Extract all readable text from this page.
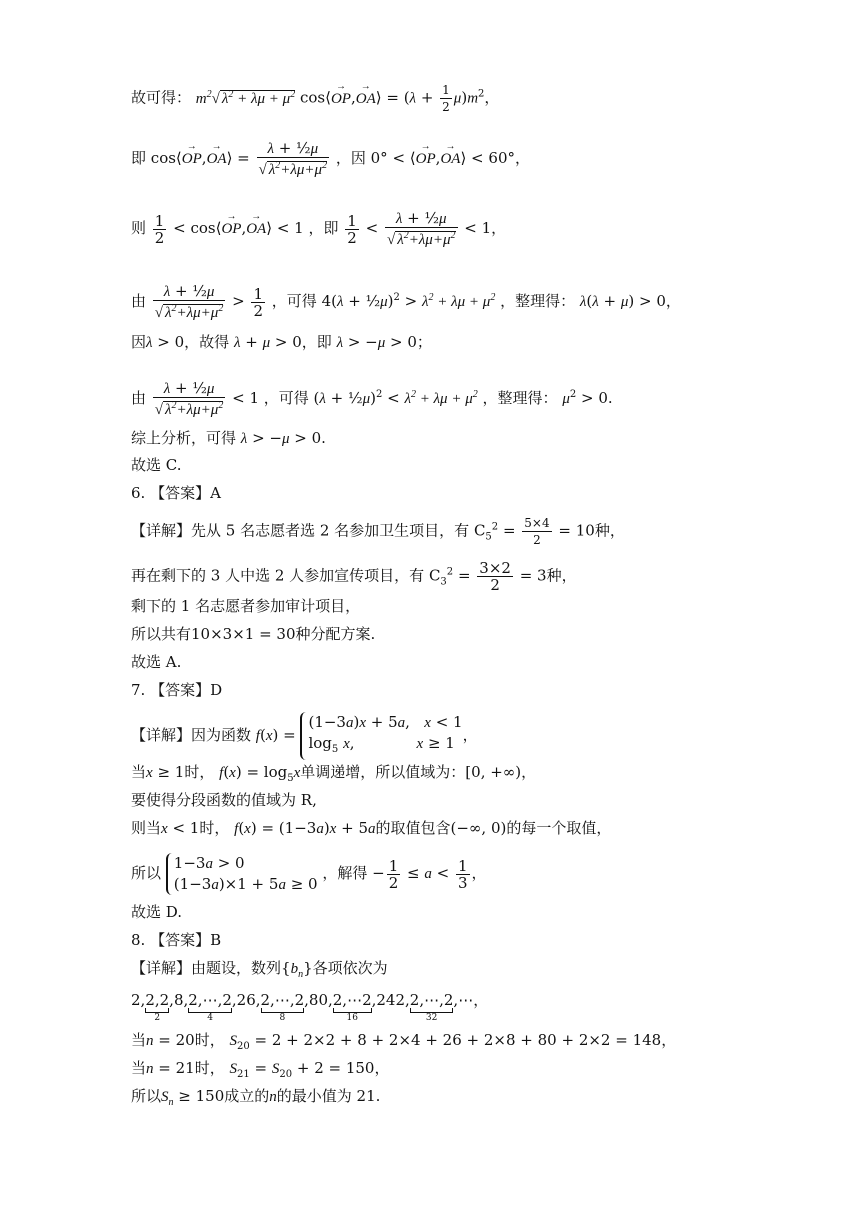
故可得： $m^2√$ $\lambda^2 + \lambda\mu + \mu^2$ cos⟨→ OP,→ OA⟩ = $(\lambda + \frac{1}{2} \mu)m^2$，
即 cos⟨→ OP,→ OA⟩ = $\frac{\text{λ + ½μ}}{√ \lambda^2+\lambda\mu+\mu^2}$ ，因 0° < ⟨→ OP,→ OA⟩ < 60°，
则 $\frac{1}{2}$ < cos⟨→ OP,→ OA⟩ < 1 ，即 $\frac{1}{2} < \frac{\text{λ + ½μ}}{√ \lambda^2+\lambda\mu+\mu^2} < 1$，
由 $\frac{\text{λ + ½μ}}{√ \lambda^2+\lambda\mu+\mu^2} > \frac{1}{2}$ ，可得 4(λ + ½μ)$^2$ > $\lambda^2 + \lambda\mu + \mu^2$ ，整理得： λ(λ + μ) > 0，
因λ > 0，故得 λ + μ > 0，即 λ > −μ > 0；
由 $\frac{\text{λ + ½μ}}{√ \lambda^2+\lambda\mu+\mu^2} < 1$ ，可得 (λ + ½μ)$^2$ < $\lambda^2 + \lambda\mu + \mu^2$ ，整理得： $\mu^2 > 0$.
综上分析，可得 λ > −μ > 0.
故选 C.
6. 【答案】A
【详解】先从 5 名志愿者选 2 名参加卫生项目，有 $C_5^2 = \frac{5\times 4}{2} = 10$种，
再在剩下的 3 人中选 2 人参加宣传项目，有 $C_3^2 = \frac{3\times 2}{2} = 3$种，
剩下的 1 名志愿者参加审计项目，
所以共有10×3×1 = 30种分配方案.
故选 A.
7. 【答案】D
【详解】因为函数 f(x) = (1−3a)x + 5a,   x < 1
$\log_5 x$,             x ≥ 1 ，
当x ≥ 1时， $f(x) = \log_5x$单调递增，所以值域为：[0, +∞)，
要使得分段函数的值域为 R,
则当x < 1时， f(x) = (1−3a)x + 5a的取值包含(−∞, 0)的每一个取值，
所以 1−3a > 0
(1−3a)×1 + 5a ≥ 0 ，解得 − $\frac{1}{2} \le a < \frac{1}{3}$ ，
故选 D.
8. 【答案】B
【详解】由题设，数列$\{b_n\}$各项依次为
2,2,2
2
,8,2,⋯,2
4
,26,2,⋯,2
8
,80,2,⋯2
16
,242,2,⋯,2
32
,⋯，
当n = 20时， $S_{20} = 2 + 2\times 2 + 8 + 2\times 4 + 26 + 2\times 8 + 80 + 2\times 2 = 148$，
当n = 21时， $S_{21} = S_{20} + 2 = 150$，
所以$S_n \ge 150$成立的n的最小值为 21.
